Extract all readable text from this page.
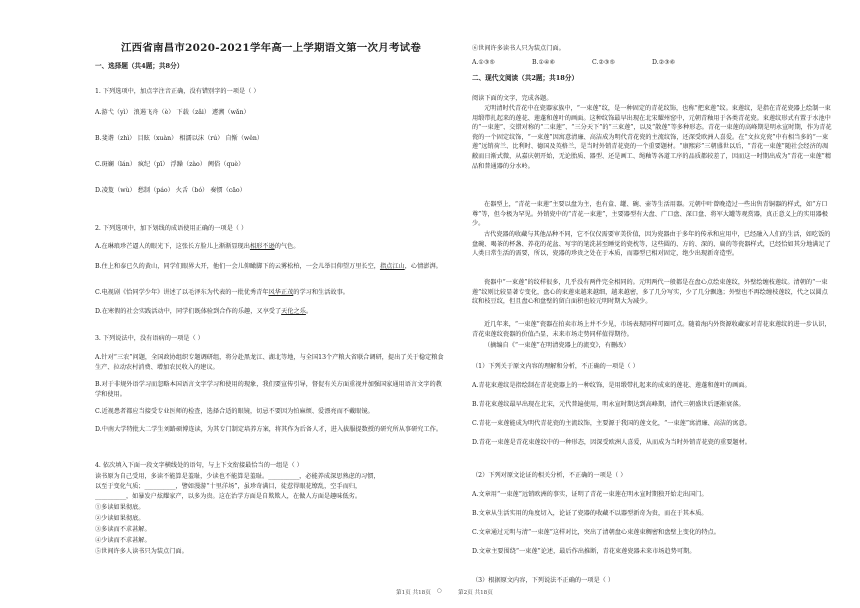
江西省南昌市2020-2021学年高一上学期语文第一次月考试卷
一、选择题（共4题；共8分）
1. 下列选项中，加点字注音正确，没有错别字的一项是（ ）
A.游弋（yì） 浪遏飞舟（è） 下载（zǎi） 遽溯（wǎn）
B.斐谐（zhì） 目眩（xuàn） 相濡以沫（rú） 自惭（wěn）
C.斑斓（lán） 疯纪（pī） 浮躁（zào） 阙俗（què）
D.凌夐（wù） 愁制（páo） 火舌（bó） 奏惯（cāo）
2. 下列选项中，加下划线的成语使用正确的一项是（ ）
A.在琳琅珍芒逼人的眼光下，这张长方脸儿上渐渐显现出相形不逊的气色。
B.住上和泰已久的黄山，同学们眼界大开，他们一会儿仰瞰脚下的云雾松柏，一会儿举目仰望万里长空，指点江山，心情澎湃。
C.电视剧《恰同学少年》讲述了以毛泽东为代表的一批优秀青年风华正茂的学习和生活故事。
D.在寒假的社会实践活动中，同学们既体验到合作的乐趣，又享受了天伦之乐。
3. 下列说法中，没有语病的一项是（ ）
A.针对“三农”问题，全国政协组织专题调研组，将分赴黑龙江、湖北等地，与全国13个产粮大省联合调研，提出了关于稳定粮食生产、拉动农村消费、增加农民收入的建议。
B.对于非规外语学习而忽略本国语言文字学习和使用的现象，我们要宣传引导，督促有关方面重视并加强国家通用语言文字的教学和使用。
C.近视患者都应当接受专业医师的检查，选择合适的眼镜，切忌不要因为怕麻烦、爱漂亮而不戴眼镜。
D.中南大学特批大二学生刘路硕博连读，为其专门制定培养方案，将其作为后备人才，进入拔服提数授的研究所从事研究工作。
4. 依次填入下面一段文字横线处的语句，与上下文衔接最恰当的一组是（ ）
读书原为自己受用，多读不能算是羞耻，少读也不能算是羞耻。__________，必能养成深思熟虑的习惯，
以至于变化气质；__________，譬如漫游“十里洋场”，虽珍奇满目，徒惹得眼花缭乱，空手而归，
__________，如暴发户炫耀家产，以多为贵。这在治学方面是自欺欺人，在做人方面是趣味低劣。
①多读如果彻底。
②少读如果彻底。
③多读而不求甚解。
④少读而不求甚解。
⑤世间许多人读书只为装点门面。
⑥世间许多读书人只为装点门面。
A.①③⑤	B.①④⑥	C.②③⑤	D.②③⑥
二、现代文阅读（共2题；共18分）
阅读下面的文字，完成各题。
元明清时代青花中在瓷器家族中，“一束莲”纹，是一种固定的青花纹饰，也称“把束莲”纹。束莲纹，是指在青花瓷器上绘制一束用缎带扎起来的莲花、莲蓬和莲叶的画面。这种纹饰最早出现在北宋耀州窑中，元朝青釉用于各类青花瓷。束莲纹形式有置于水池中的“一束莲”、交错对称的“二束莲”、“三分天下”的“三束莲”，以及“散莲”等多种形态。青花一束莲的高峰期是明永宣时期，作为青花瓷的一个固定纹饰，“一束莲”因寓意清廉、高洁成为明代青花瓷的主流纹饰，还深受欧洲人喜爱。在“文拉克瓷”中有相当多的“一束莲”远销荷兰、比利时、德国及英格兰，是当时外销青花瓷的一个重要题材。“康熙彩”三朝盛世以后，“青花一束莲”随社会经济的凋敝而日渐式微，从嘉庆朝开始，无论胎质、器型、还是画工、绳釉等各道工序的品质都较差了，因而这一时期出成为“青花一束莲”精品和普通器的分水岭。
在器型上，“青花一束莲”主要以盘为主，也有盒、罐、碗、壶等生活用器。元朝中叶曾晚造过一些出售青铜器的样式，如“方口尊”等，但今极为罕见。外销瓷中的“青花一束莲”，主要器型有大盘、广口盘、深口盘、将军大罐等观赏器，真正意义上的实用器极少。
古代瓷器的收藏与其他品种不同，它不仅仅需要审美价值，因为瓷器由于多年的传承和应用中，已经融入人们的生活，如吃饭的盘碗、喝茶的杯盏、养花的花盆、写字的笔洗甚至睡觉的瓷枕等，这些圆的、方的、深的、扁的等瓷器样式，已经恰如其分地满足了人类日常生活的需要，所以，瓷器的珍贵之处在于本质，而器型已相对固定，绝少出现新奇造型。
瓷器中“一束莲”的纹样很多，几乎没有两件完全相同的。元明两代一般都是在盘心点绘束莲纹，外壁绘缠枝莲纹。清朝的“一束莲”纹则比较显著专变化，盘心的束莲束越来越细，越来越密，多了几分写实，少了几分飘逸；外壁也不再绘缠枝莲纹，代之以圆点纹和枝豆纹，但且盘心和盘壁的留白面积也较元明时期大为减少。
近几年来，“一束莲”瓷器在拍卖市场上并不少见，市场表现同样可圈可点。随着海内外资源收藏家对青花束莲纹的进一步认识，青花束莲纹瓷器的价值凸显，未来市场走势同样值得期待。
（摘编自《“一束莲”在明清瓷器上的流变》，有删改）
（1）下列关于原文内容的理解和分析，不正确的一项是（ ）
A.青花束莲纹是指绘制在青花瓷器上的一种纹饰，是用缎带扎起来的成束的莲花、莲蓬和莲叶的画面。
B.青花束莲纹最早出现在北宋，元代普遍使用，明永宣时期达到高峰期，清代三朝盛世后逐渐衰落。
C.青花一束莲能成为明代青花瓷的主流纹饰，主要源于我国的莲文化，“一束莲”寓清廉、高洁的寓意。
D.青花一束莲是青花束莲纹中的一种形态，因深受欧洲人喜爱，从而成为当时外销青花瓷的重要题材。
（2）下列对原文论证的相关分析，不正确的一项是（ ）
A.文章用“一束莲”远销欧洲的事实，证明了青花一束莲在明永宣时期独开始走出国门。
B.文章从生活实用的角度切入，论证了瓷器的收藏不以器型新奇为贵，而在于其本质。
C.文章通过元明与清“一束莲”这样对比，突出了清朝盘心束莲束稠密和盘壁上变化的特点。
D.文章主要围绕“一束莲”论述，最后作出推断，青花束莲瓷器未来市场趋势可期。
（3）根据原文内容，下列说法不正确的一项是（ ）
第1页 共18页 ○	第2页 共18页
